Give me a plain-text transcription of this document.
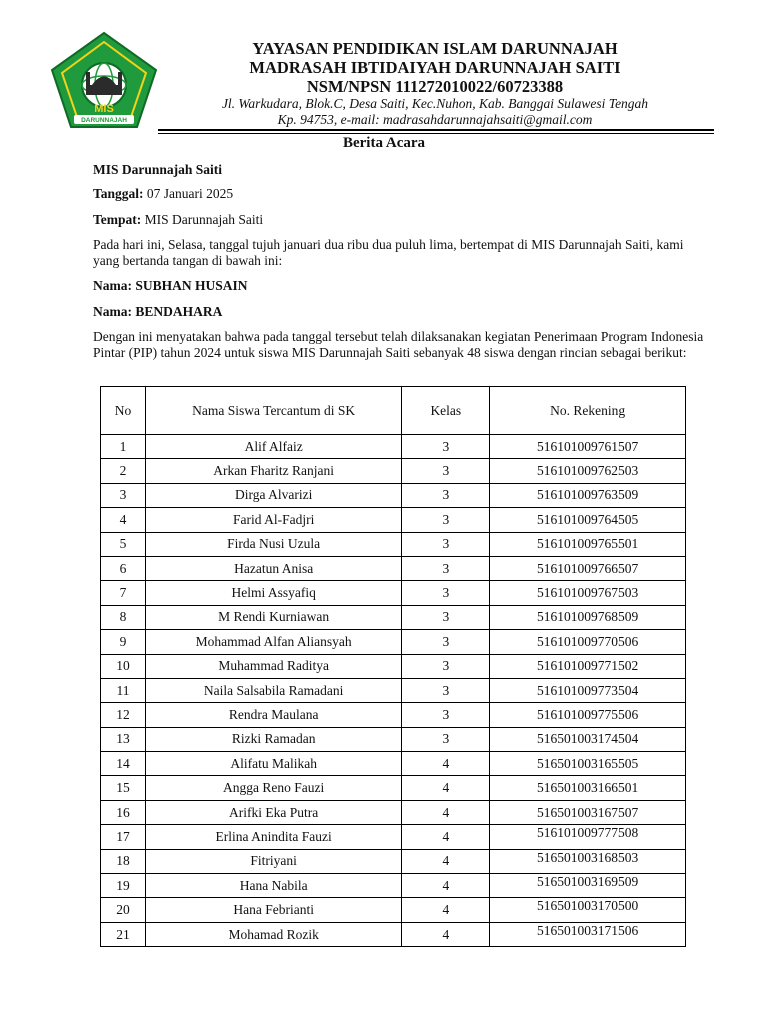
MIS
DARUNNAJAH
YAYASAN PENDIDIKAN ISLAM DARUNNAJAH
MADRASAH IBTIDAIYAH DARUNNAJAH SAITI
NSM/NPSN 111272010022/60723388
Jl. Warkudara, Blok.C, Desa Saiti, Kec.Nuhon, Kab. Banggai Sulawesi Tengah
Kp. 94753, e-mail: madrasahdarunnajahsaiti@gmail.com
Berita Acara
MIS Darunnajah Saiti
Tanggal: 07 Januari 2025
Tempat: MIS Darunnajah Saiti
Pada hari ini, Selasa, tanggal tujuh januari dua ribu dua puluh lima, bertempat di MIS Darunnajah Saiti, kami yang bertanda tangan di bawah ini:
Nama: SUBHAN HUSAIN
Nama: BENDAHARA
Dengan ini menyatakan bahwa pada tanggal tersebut telah dilaksanakan kegiatan Penerimaan Program Indonesia Pintar (PIP) tahun 2024 untuk siswa MIS Darunnajah Saiti sebanyak 48 siswa dengan rincian sebagai berikut:
No	Nama Siswa Tercantum di SK	Kelas	No. Rekening
1	Alif Alfaiz	3	516101009761507
2	Arkan Fharitz Ranjani	3	516101009762503
3	Dirga Alvarizi	3	516101009763509
4	Farid Al-Fadjri	3	516101009764505
5	Firda Nusi Uzula	3	516101009765501
6	Hazatun Anisa	3	516101009766507
7	Helmi Assyafiq	3	516101009767503
8	M Rendi Kurniawan	3	516101009768509
9	Mohammad Alfan Aliansyah	3	516101009770506
10	Muhammad Raditya	3	516101009771502
11	Naila Salsabila Ramadani	3	516101009773504
12	Rendra Maulana	3	516101009775506
13	Rizki Ramadan	3	516501003174504
14	Alifatu Malikah	4	516501003165505
15	Angga Reno Fauzi	4	516501003166501
16	Arifki Eka Putra	4	516501003167507
17	Erlina Anindita Fauzi	4	516101009777508
18	Fitriyani	4	516501003168503
19	Hana Nabila	4	516501003169509
20	Hana Febrianti	4	516501003170500
21	Mohamad Rozik	4	516501003171506
